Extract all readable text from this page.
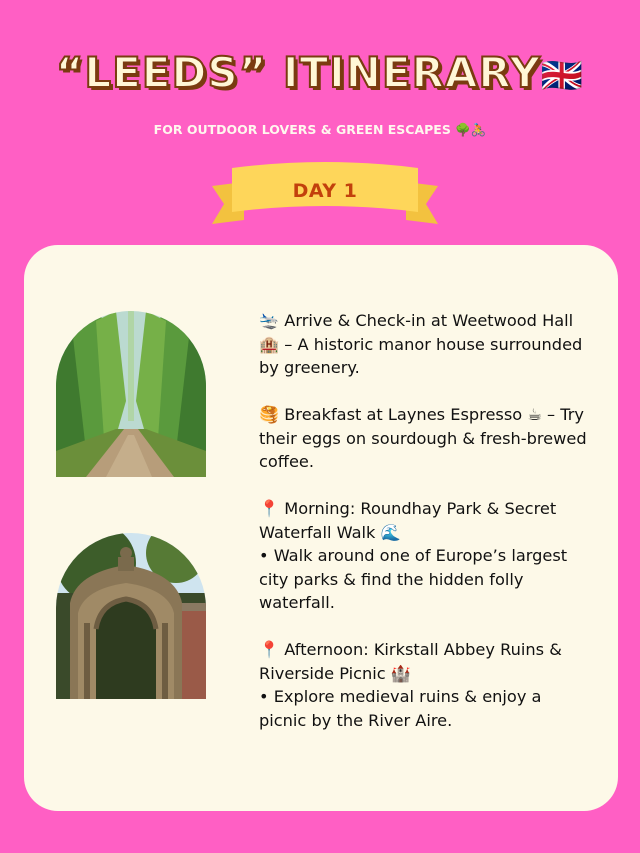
“LEEDS” ITINERARY🇬🇧
FOR OUTDOOR LOVERS & GREEN ESCAPES 🌳🚴
DAY 1

🛬 Arrive & Check-in at Weetwood Hall 🏨 – A historic manor house surrounded by greenery.

🥞 Breakfast at Laynes Espresso ☕ – Try their eggs on sourdough & fresh-brewed coffee.

📍 Morning: Roundhay Park & Secret Waterfall Walk 🌊

• Walk around one of Europe’s largest city parks & find the hidden folly waterfall.

📍 Afternoon: Kirkstall Abbey Ruins & Riverside Picnic 🏰

• Explore medieval ruins & enjoy a picnic by the River Aire.
